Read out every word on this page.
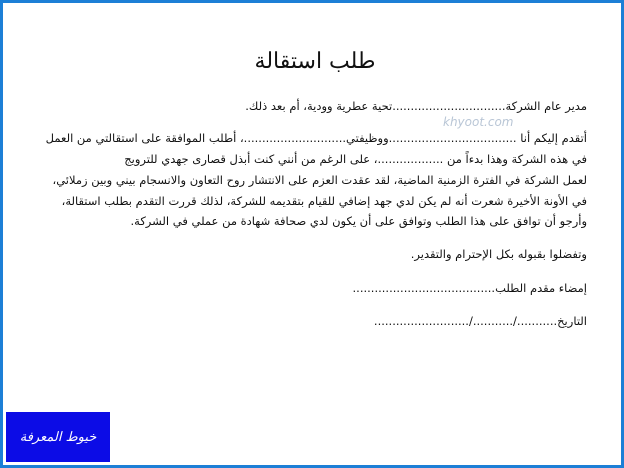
طلب استقالة
khyoot.com
مدير عام الشركة...............................تحية عطرية وودية، أم بعد ذلك.
أتقدم إليكم أنا ...................................ووظيفتي............................، أطلب الموافقة على استقالتي من العمل
في هذه الشركة وهذا بدءاً من ..................، على الرغم من أنني كنت أبذل قصارى جهدي للترويج
لعمل الشركة في الفترة الزمنية الماضية، لقد عقدت العزم على الانتشار روح التعاون والانسجام بيني وبين زملائي،
في الأونة الأخيرة شعرت أنه لم يكن لدي جهد إضافي للقيام بتقديمه للشركة، لذلك قررت التقدم بطلب استقالة،
وأرجو أن توافق على هذا الطلب وتوافق على أن يكون لدي صحافة شهادة من عملي في الشركة.
وتفضلوا بقبوله بكل الإحترام والتقدير.
إمضاء مقدم الطلب.......................................
التاريخ.........../.........../..........................
خيوط المعرفة
